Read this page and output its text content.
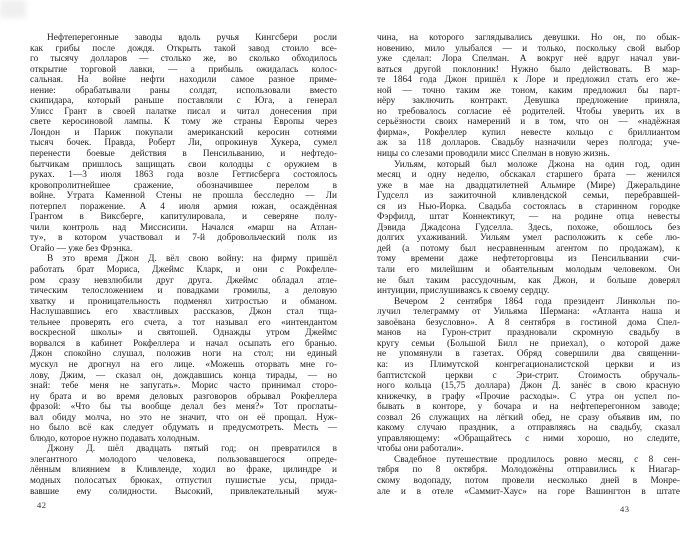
Нефтеперегонные заводы вдоль ручья Кингсбери росли
как грибы после дождя. Открыть такой завод стоило все-
го тысячу долларов — столько же, во сколько обходилось
открытие торговой лавки, — а прибыль ожидалась колос-
сальная. На войне нефти находили самое разное приме-
нение: обрабатывали раны солдат, использовали вместо
скипидара, который раньше поставляли с Юга, а генерал
Улисс Грант в своей палатке писал и читал донесения при
свете керосиновой лампы. К тому же страны Европы через
Лондон и Париж покупали американский керосин сотнями
тысяч бочек. Правда, Роберт Ли, опрокинув Хукера, сумел
перенести боевые действия в Пенсильванию, и нефтедо-
бытчикам пришлось защищать свои колодцы с оружием в
руках. 1—3 июля 1863 года возле Геттисберга состоялось
кровопролитнейшее сражение, обозначившее перелом в
войне. Утрата Каменной Стены не прошла бесследно — Ли
потерпел поражение. А 4 июля армия южан, осаждённая
Грантом в Виксберге, капитулировала, и северяне полу-
чили контроль над Миссисипи. Начался «марш на Атлан-
ту», в котором участвовал и 7-й добровольческий полк из
Огайо — уже без Фрэнка.
В это время Джон Д. вёл свою войну: на фирму пришёл
работать брат Мориса, Джеймс Кларк, и они с Рокфелле-
ром сразу невзлюбили друг друга. Джеймс обладал атле-
тическим телосложением и повадками громилы, а деловую
хватку и проницательность подменял хитростью и обманом.
Наслушавшись его хвастливых рассказов, Джон стал тща-
тельнее проверять его счета, а тот называл его «интендантом
воскресной школы» и святошей. Однажды утром Джеймс
ворвался в кабинет Рокфеллера и начал осыпать его бранью.
Джон спокойно слушал, положив ноги на стол; ни единый
мускул не дрогнул на его лице. «Можешь оторвать мне го-
лову, Джим, — сказал он, дождавшись конца тирады, — но
знай: тебе меня не запугать». Морис часто принимал сторо-
ну брата и во время деловых разговоров обрывал Рокфеллера
фразой: «Что бы ты вообще делал без меня?» Тот проглаты-
вал обиду молча, но это не значит, что он её прощал. Нуж-
но было всё как следует обдумать и предусмотреть. Месть —
блюдо, которое нужно подавать холодным.
Джону Д. шёл двадцать пятый год; он превратился в
элегантного молодого человека, пользовавшегося опреде-
лённым влиянием в Кливленде, ходил во фраке, цилиндре и
модных полосатых брюках, отпустил пушистые усы, прида-
вавшие ему солидности. Высокий, привлекательный муж-
42
чина, на которого заглядывались девушки. Но он, по обык-
новению, мило улыбался — и только, поскольку свой выбор
уже сделал: Лора Спелман. А вокруг неё вдруг начал уви-
ваться другой поклонник! Нужно было действовать. В мар-
те 1864 года Джон пришёл к Лоре и предложил стать его же-
ной — точно таким же тоном, каким предложил бы парт-
нёру заключить контракт. Девушка предложение приняла,
но требовалось согласие её родителей. Чтобы уверить их в
серьёзности своих намерений и в том, что он — «надёжная
фирма», Рокфеллер купил невесте кольцо с бриллиантом
аж за 118 долларов. Свадьбу назначили через полгода; уче-
ницы со слезами проводили мисс Спелман в новую жизнь.
Уильям, который был моложе Джона на один год, один
месяц и одну неделю, обскакал старшего брата — женился
уже в мае на двадцатилетней Альмире (Мире) Джеральдине
Гудселл из зажиточной кливлендской семьи, перебравшей-
ся из Нью-Йорка. Свадьба состоялась в старинном городке
Фэрфилд, штат Коннектикут, — на родине отца невесты
Дэвида Джадсона Гудселла. Здесь, похоже, обошлось без
долгих ухаживаний. Уильям умел расположить к себе лю-
дей (а потому был несравненным агентом по продажам), к
тому времени даже нефтеторговцы из Пенсильвании счи-
тали его милейшим и обаятельным молодым человеком. Он
не был таким рассудочным, как Джон, и больше доверял
интуиции, прислушиваясь к своему сердцу.
Вечером 2 сентября 1864 года президент Линкольн по-
лучил телеграмму от Уильяма Шермана: «Атланта наша и
завоёвана безусловно». А 8 сентября в гостиной дома Спел-
манов на Гурон-стрит праздновали скромную свадьбу в
кругу семьи (Большой Билл не приехал), о которой даже
не упомянули в газетах. Обряд совершили два священни-
ка: из Плимутской конгрегационалистской церкви и из
баптистской церкви с Эри-стрит. Стоимость обручаль-
ного кольца (15,75 доллара) Джон Д. занёс в свою красную
книжечку, в графу «Прочие расходы». С утра он успел по-
бывать в конторе, у бочара и на нефтеперегонном заводе;
созвал 26 служащих на лёгкий обед, не сразу объявив им, по
какому случаю праздник, а отправляясь на свадьбу, сказал
управляющему: «Обращайтесь с ними хорошо, но следите,
чтобы они работали».
Свадебное путешествие продлилось ровно месяц, с 8 сен-
тября по 8 октября. Молодожёны отправились к Ниагар-
скому водопаду, потом провели несколько дней в Монре-
але и в отеле «Саммит-Хаус» на горе Вашингтон в штате
43
